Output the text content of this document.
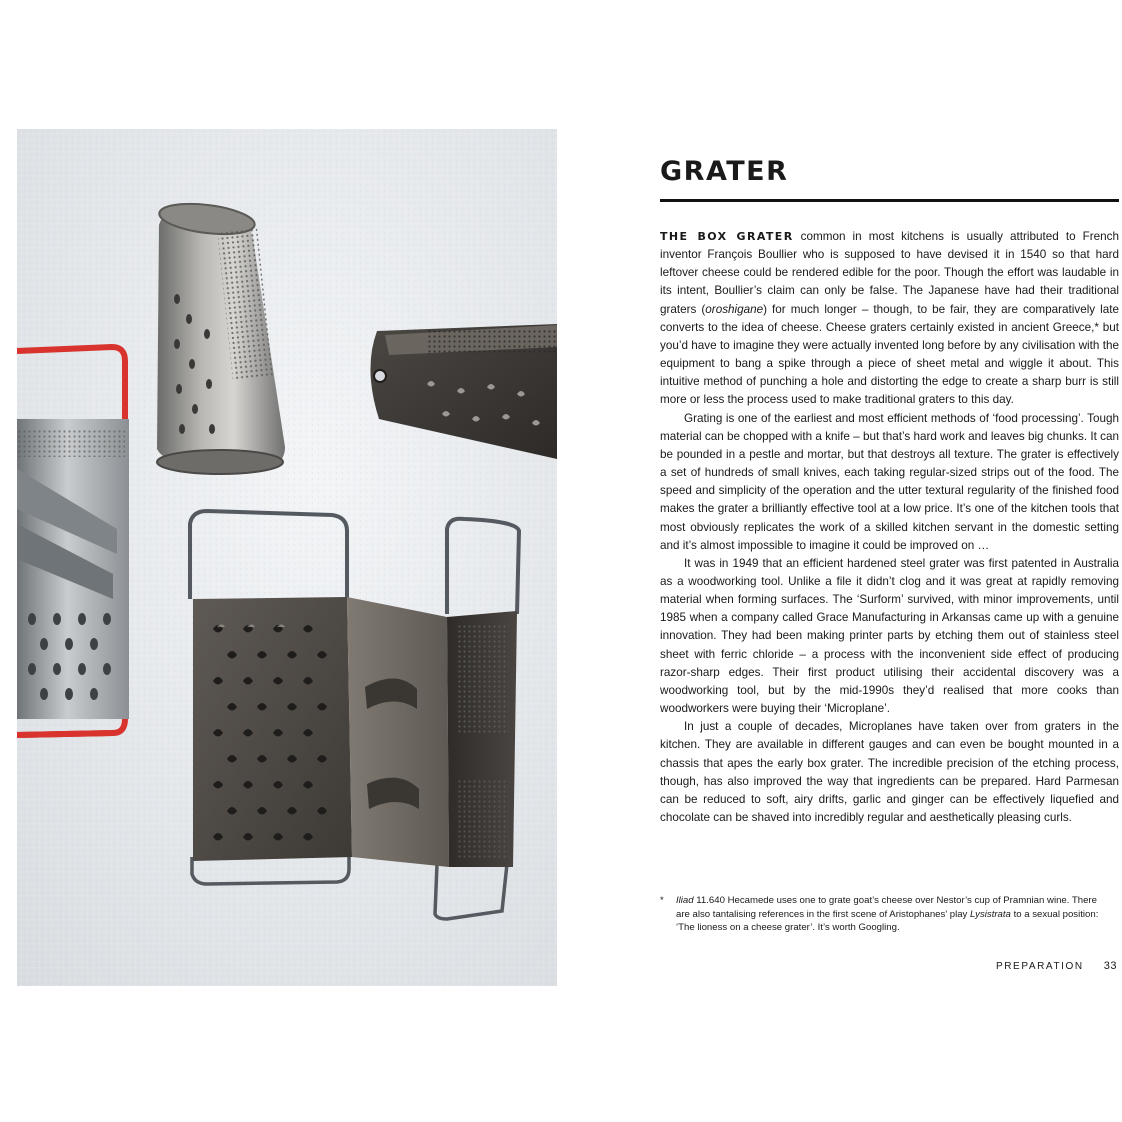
GRATER

THE BOX GRATER common in most kitchens is usually attributed to French inventor François Boullier who is supposed to have devised it in 1540 so that hard leftover cheese could be rendered edible for the poor. Though the effort was laudable in its intent, Boullier’s claim can only be false. The Japanese have had their traditional graters (oroshigane) for much longer – though, to be fair, they are comparatively late converts to the idea of cheese. Cheese graters certainly existed in ancient Greece,* but you’d have to imagine they were actually invented long before by any civilisation with the equipment to bang a spike through a piece of sheet metal and wiggle it about. This intuitive method of punching a hole and distorting the edge to create a sharp burr is still more or less the process used to make traditional graters to this day.

Grating is one of the earliest and most efficient methods of ‘food processing’. Tough material can be chopped with a knife – but that’s hard work and leaves big chunks. It can be pounded in a pestle and mortar, but that destroys all texture. The grater is effectively a set of hundreds of small knives, each taking regular-sized strips out of the food. The speed and simplicity of the operation and the utter textural regularity of the finished food makes the grater a brilliantly effective tool at a low price. It’s one of the kitchen tools that most obviously replicates the work of a skilled kitchen servant in the domestic setting and it’s almost impossible to imagine it could be improved on …

It was in 1949 that an efficient hardened steel grater was first patented in Australia as a woodworking tool. Unlike a file it didn’t clog and it was great at rapidly removing material when forming surfaces. The ‘Surform’ survived, with minor improvements, until 1985 when a company called Grace Manufacturing in Arkansas came up with a genuine innovation. They had been making printer parts by etching them out of stainless steel sheet with ferric chloride – a process with the inconvenient side effect of producing razor-sharp edges. Their first product utilising their accidental discovery was a woodworking tool, but by the mid-1990s they’d realised that more cooks than woodworkers were buying their ‘Microplane’.

In just a couple of decades, Microplanes have taken over from graters in the kitchen. They are available in different gauges and can even be bought mounted in a chassis that apes the early box grater. The incredible precision of the etching process, though, has also improved the way that ingredients can be prepared. Hard Parmesan can be reduced to soft, airy drifts, garlic and ginger can be effectively liquefied and chocolate can be shaved into incredibly regular and aesthetically pleasing curls.

* Iliad 11.640 Hecamede uses one to grate goat’s cheese over Nestor’s cup of Pramnian wine. There are also tantalising references in the first scene of Aristophanes’ play Lysistrata to a sexual position: ‘The lioness on a cheese grater’. It’s worth Googling.
PREPARATION 33
